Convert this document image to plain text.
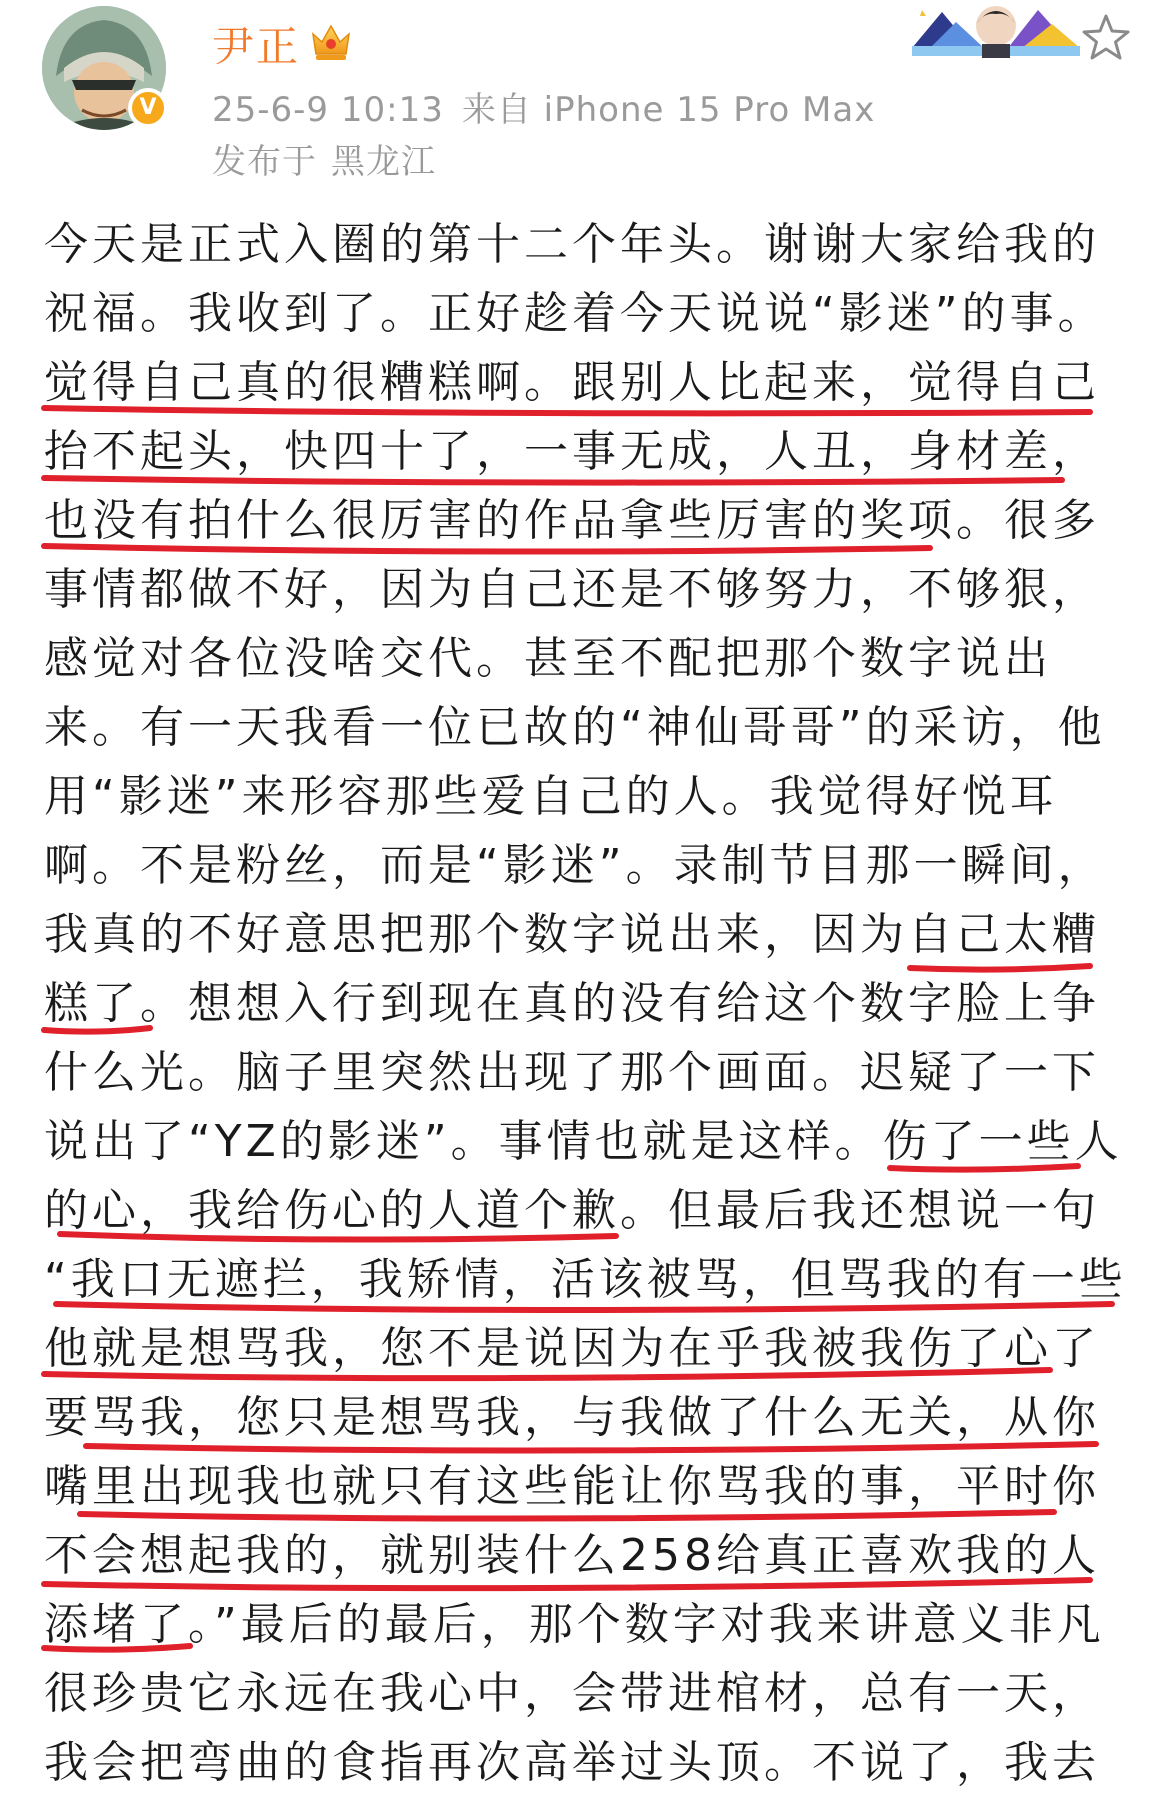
V
尹正
25-6-9 10:13 来自 iPhone 15 Pro Max
发布于 黑龙江
今天是正式入圈的第十二个年头。谢谢大家给我的
祝福。我收到了。正好趁着今天说说“影迷”的事。
觉得自己真的很糟糕啊。跟别人比起来，觉得自己
抬不起头，快四十了，一事无成，人丑，身材差，
也没有拍什么很厉害的作品拿些厉害的奖项。很多
事情都做不好，因为自己还是不够努力，不够狠，
感觉对各位没啥交代。甚至不配把那个数字说出
来。有一天我看一位已故的“神仙哥哥”的采访，他
用“影迷”来形容那些爱自己的人。我觉得好悦耳
啊。不是粉丝，而是“影迷”。录制节目那一瞬间，
我真的不好意思把那个数字说出来，因为自己太糟
糕了。想想入行到现在真的没有给这个数字脸上争
什么光。脑子里突然出现了那个画面。迟疑了一下
说出了“YZ的影迷”。事情也就是这样。伤了一些人
的心，我给伤心的人道个歉。但最后我还想说一句
“我口无遮拦，我矫情，活该被骂，但骂我的有一些
他就是想骂我，您不是说因为在乎我被我伤了心了
要骂我，您只是想骂我，与我做了什么无关，从你
嘴里出现我也就只有这些能让你骂我的事，平时你
不会想起我的，就别装什么258给真正喜欢我的人
添堵了。”最后的最后，那个数字对我来讲意义非凡
很珍贵它永远在我心中，会带进棺材，总有一天，
我会把弯曲的食指再次高举过头顶。不说了，我去
